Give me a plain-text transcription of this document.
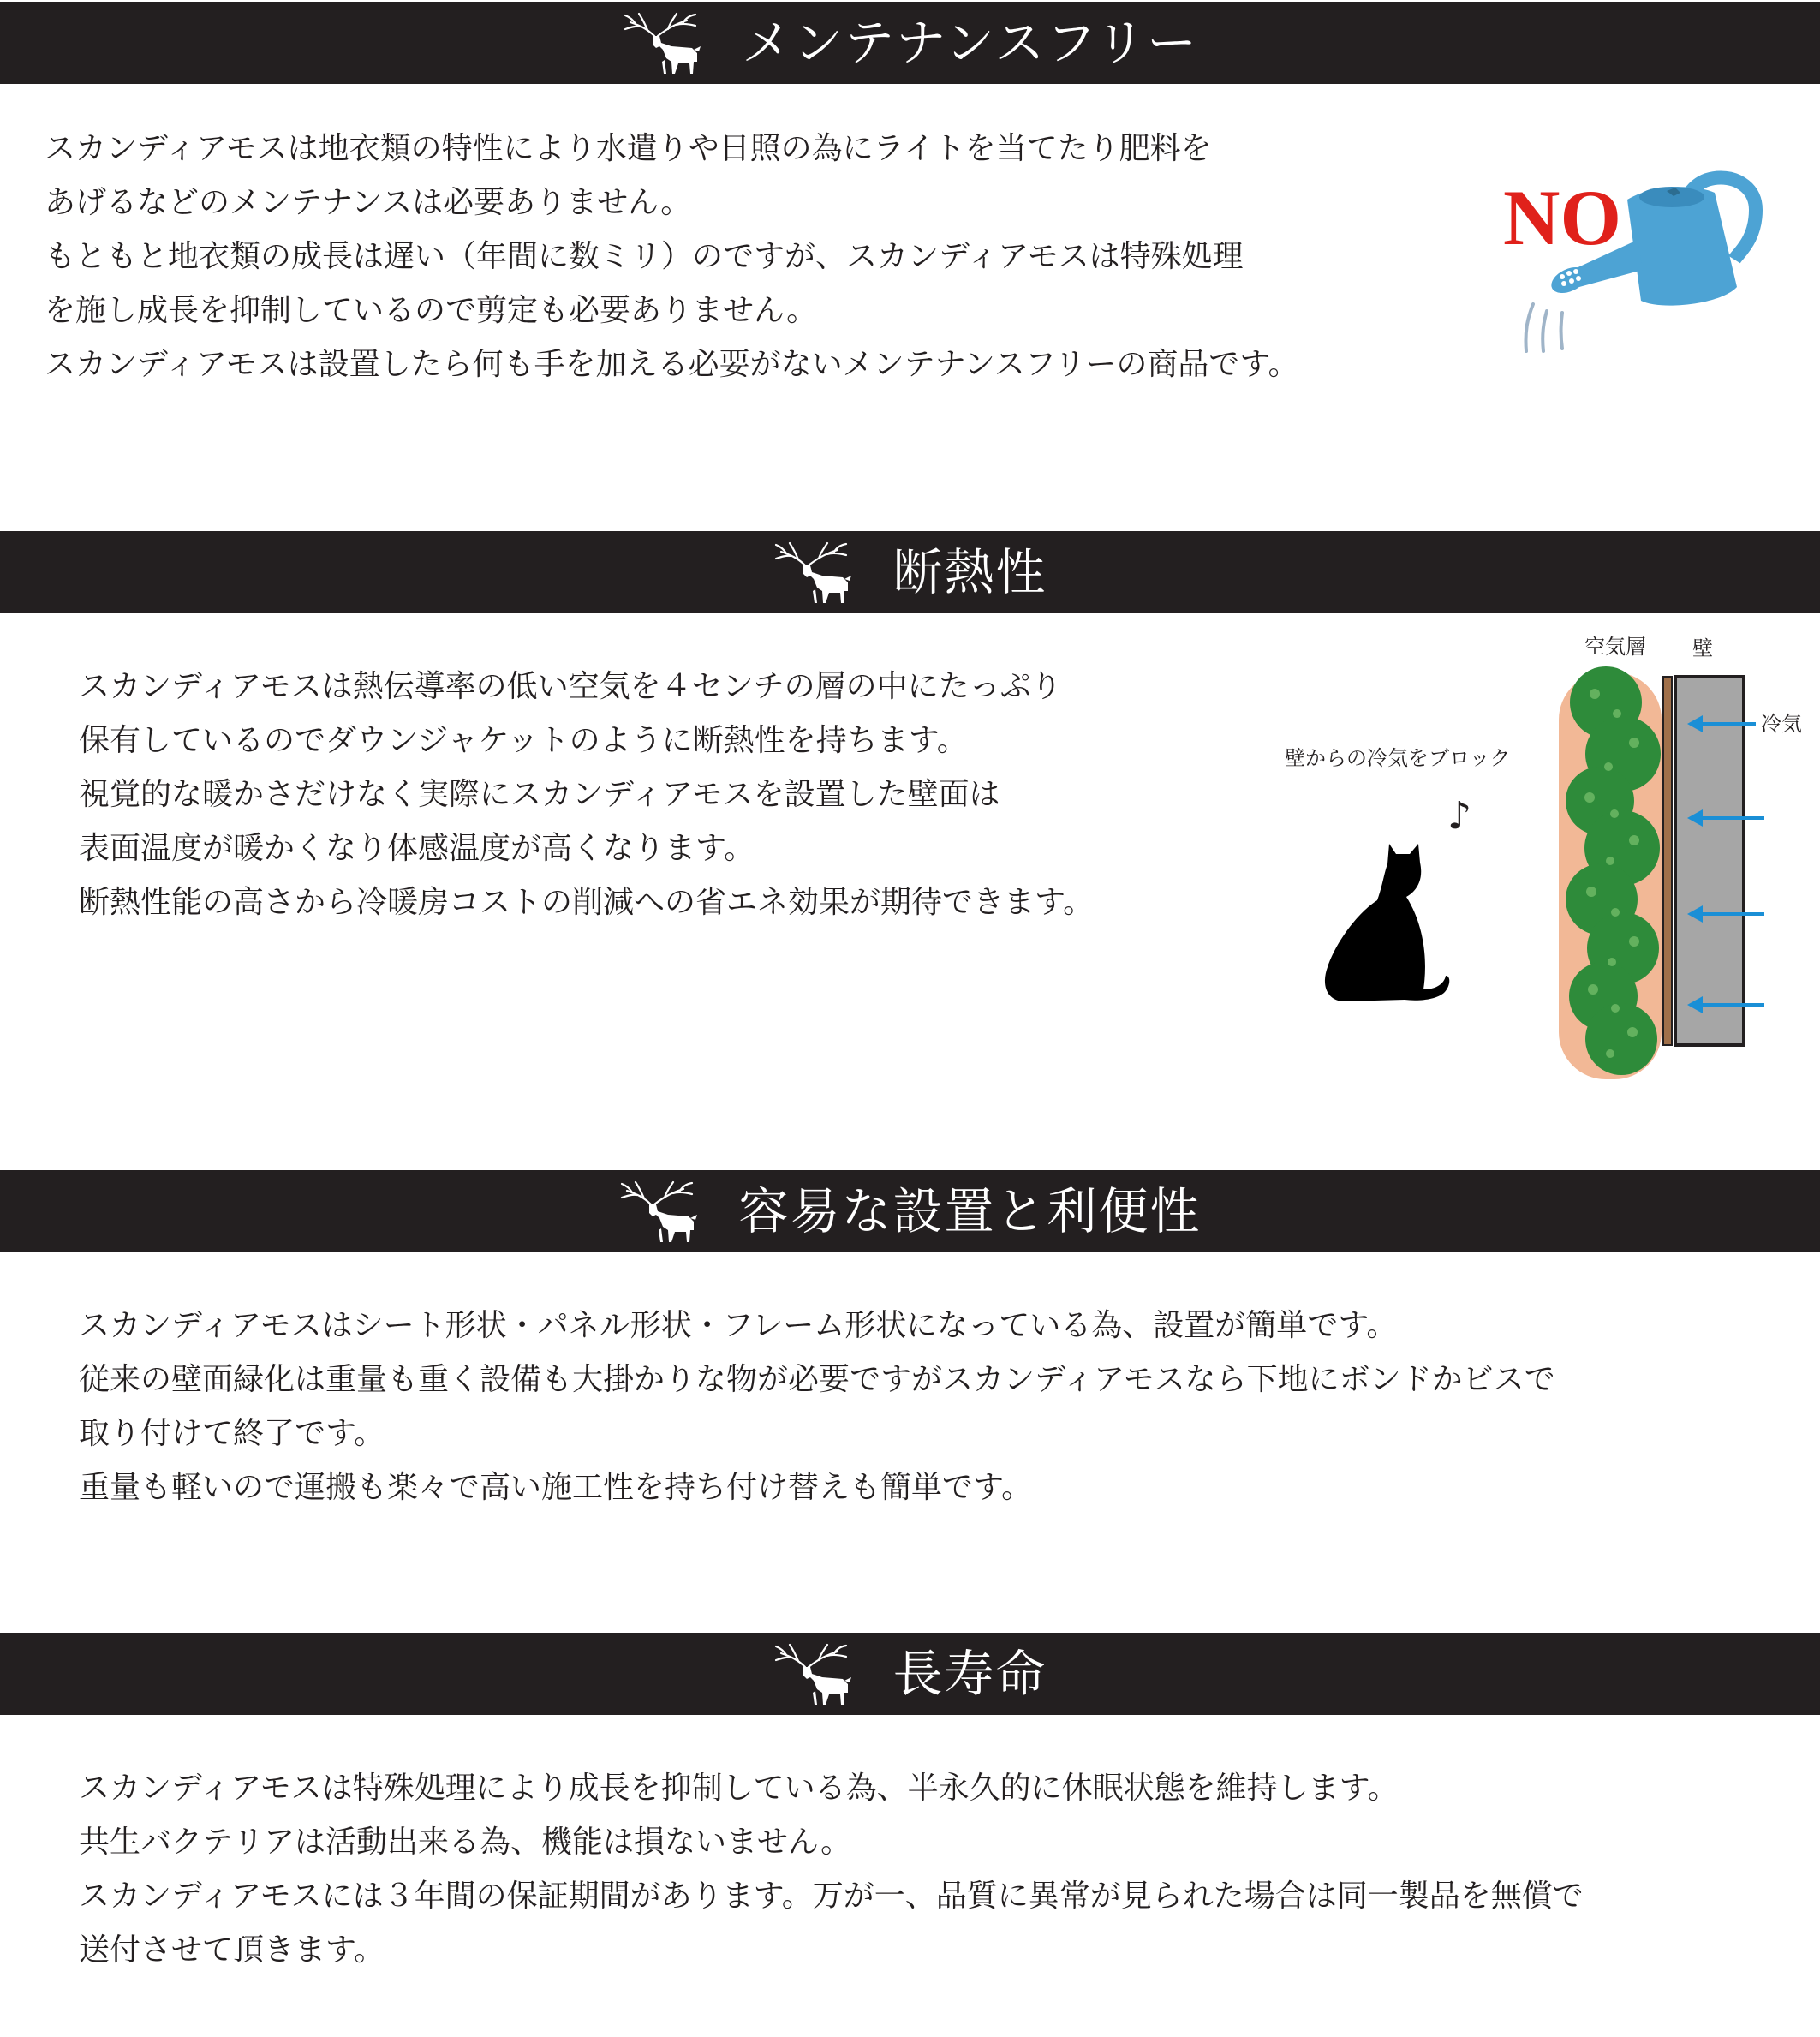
メンテナンスフリー
スカンディアモスは地衣類の特性により水遣りや日照の為にライトを当てたり肥料を
あげるなどのメンテナンスは必要ありません。
もともと地衣類の成長は遅い（年間に数ミリ）のですが、スカンディアモスは特殊処理
を施し成長を抑制しているので剪定も必要ありません。
スカンディアモスは設置したら何も手を加える必要がないメンテナンスフリーの商品です。
NO
断熱性
スカンディアモスは熱伝導率の低い空気を４センチの層の中にたっぷり
保有しているのでダウンジャケットのように断熱性を持ちます。
視覚的な暖かさだけなく実際にスカンディアモスを設置した壁面は
表面温度が暖かくなり体感温度が高くなります。
断熱性能の高さから冷暖房コストの削減への省エネ効果が期待できます。
空気層 壁
冷気
壁からの冷気をブロック
♪
容易な設置と利便性
スカンディアモスはシート形状・パネル形状・フレーム形状になっている為、設置が簡単です。
従来の壁面緑化は重量も重く設備も大掛かりな物が必要ですがスカンディアモスなら下地にボンドかビスで
取り付けて終了です。
重量も軽いので運搬も楽々で高い施工性を持ち付け替えも簡単です。
長寿命
スカンディアモスは特殊処理により成長を抑制している為、半永久的に休眠状態を維持します。
共生バクテリアは活動出来る為、機能は損ないません。
スカンディアモスには３年間の保証期間があります。万が一、品質に異常が見られた場合は同一製品を無償で
送付させて頂きます。
